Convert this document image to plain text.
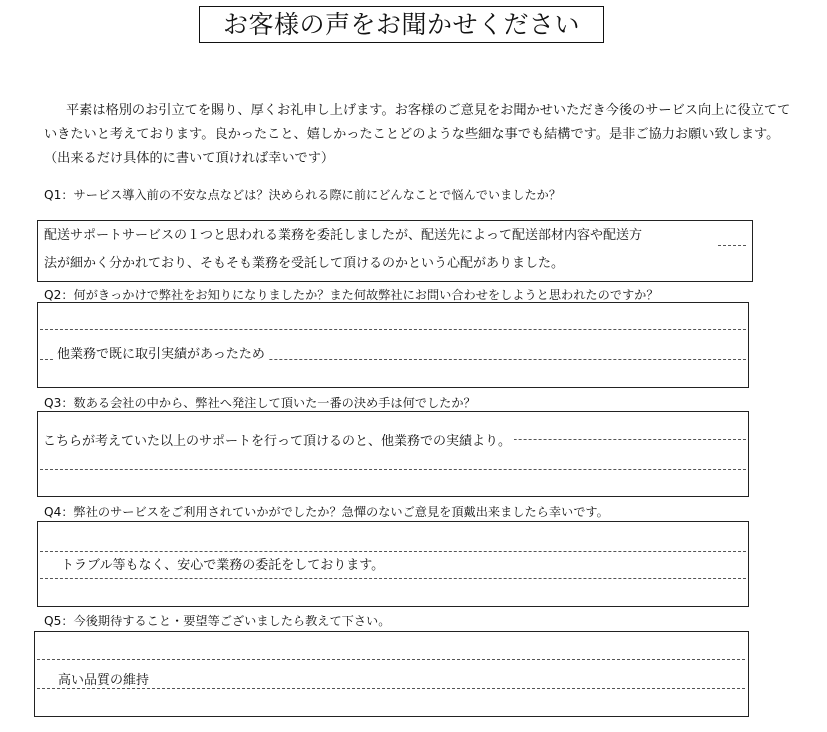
お客様の声をお聞かせください
平素は格別のお引立てを賜り、厚くお礼申し上げます。お客様のご意見をお聞かせいただき今後のサービス向上に役立てていきたいと考えております。良かったこと、嬉しかったことどのような些細な事でも結構です。是非ご協力お願い致します。（出来るだけ具体的に書いて頂ければ幸いです）
Q1：サービス導入前の不安な点などは？決められる際に前にどんなことで悩んでいましたか？
配送サポートサービスの１つと思われる業務を委託しましたが、配送先によって配送部材内容や配送方
法が細かく分かれており、そもそも業務を受託して頂けるのかという心配がありました。
Q2：何がきっかけで弊社をお知りになりましたか？また何故弊社にお問い合わせをしようと思われたのですか？
他業務で既に取引実績があったため
Q3：数ある会社の中から、弊社へ発注して頂いた一番の決め手は何でしたか？
こちらが考えていた以上のサポートを行って頂けるのと、他業務での実績より。
Q4：弊社のサービスをご利用されていかがでしたか？急憚のないご意見を頂戴出来ましたら幸いです。
トラブル等もなく、安心で業務の委託をしております。
Q5：今後期待すること・要望等ございましたら教えて下さい。
高い品質の維持
